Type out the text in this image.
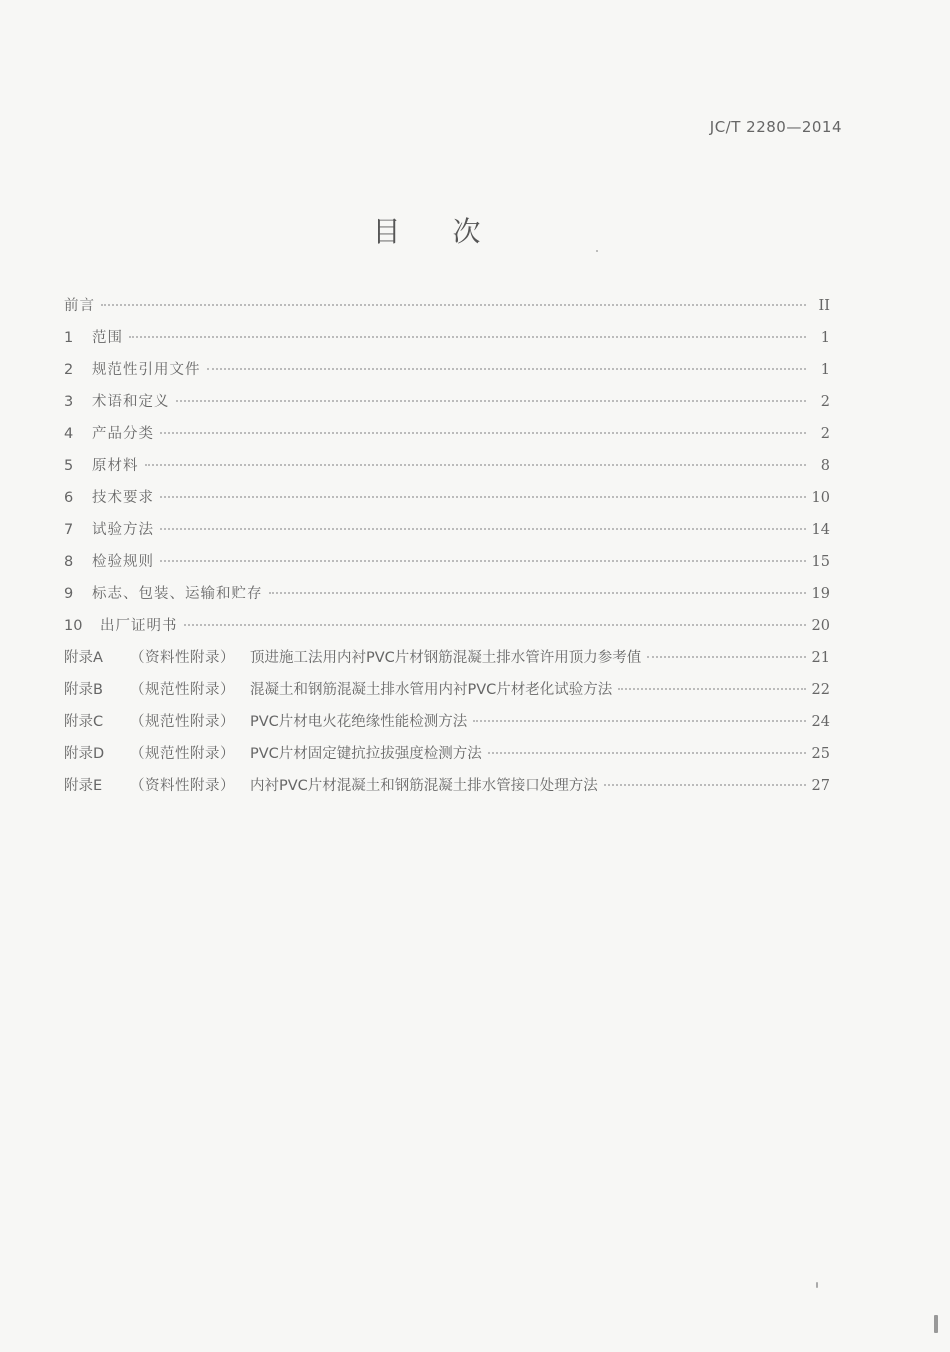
JC/T 2280—2014
目次
前言	II
1	范围	1
2	规范性引用文件	1
3	术语和定义	2
4	产品分类	2
5	原材料	8
6	技术要求	10
7	试验方法	14
8	检验规则	15
9	标志、包装、运输和贮存	19
10	出厂证明书	20
附录A	（资料性附录）	顶进施工法用内衬PVC片材钢筋混凝土排水管许用顶力参考值	21
附录B	（规范性附录）	混凝土和钢筋混凝土排水管用内衬PVC片材老化试验方法	22
附录C	（规范性附录）	PVC片材电火花绝缘性能检测方法	24
附录D	（规范性附录）	PVC片材固定键抗拉拔强度检测方法	25
附录E	（资料性附录）	内衬PVC片材混凝土和钢筋混凝土排水管接口处理方法	27
